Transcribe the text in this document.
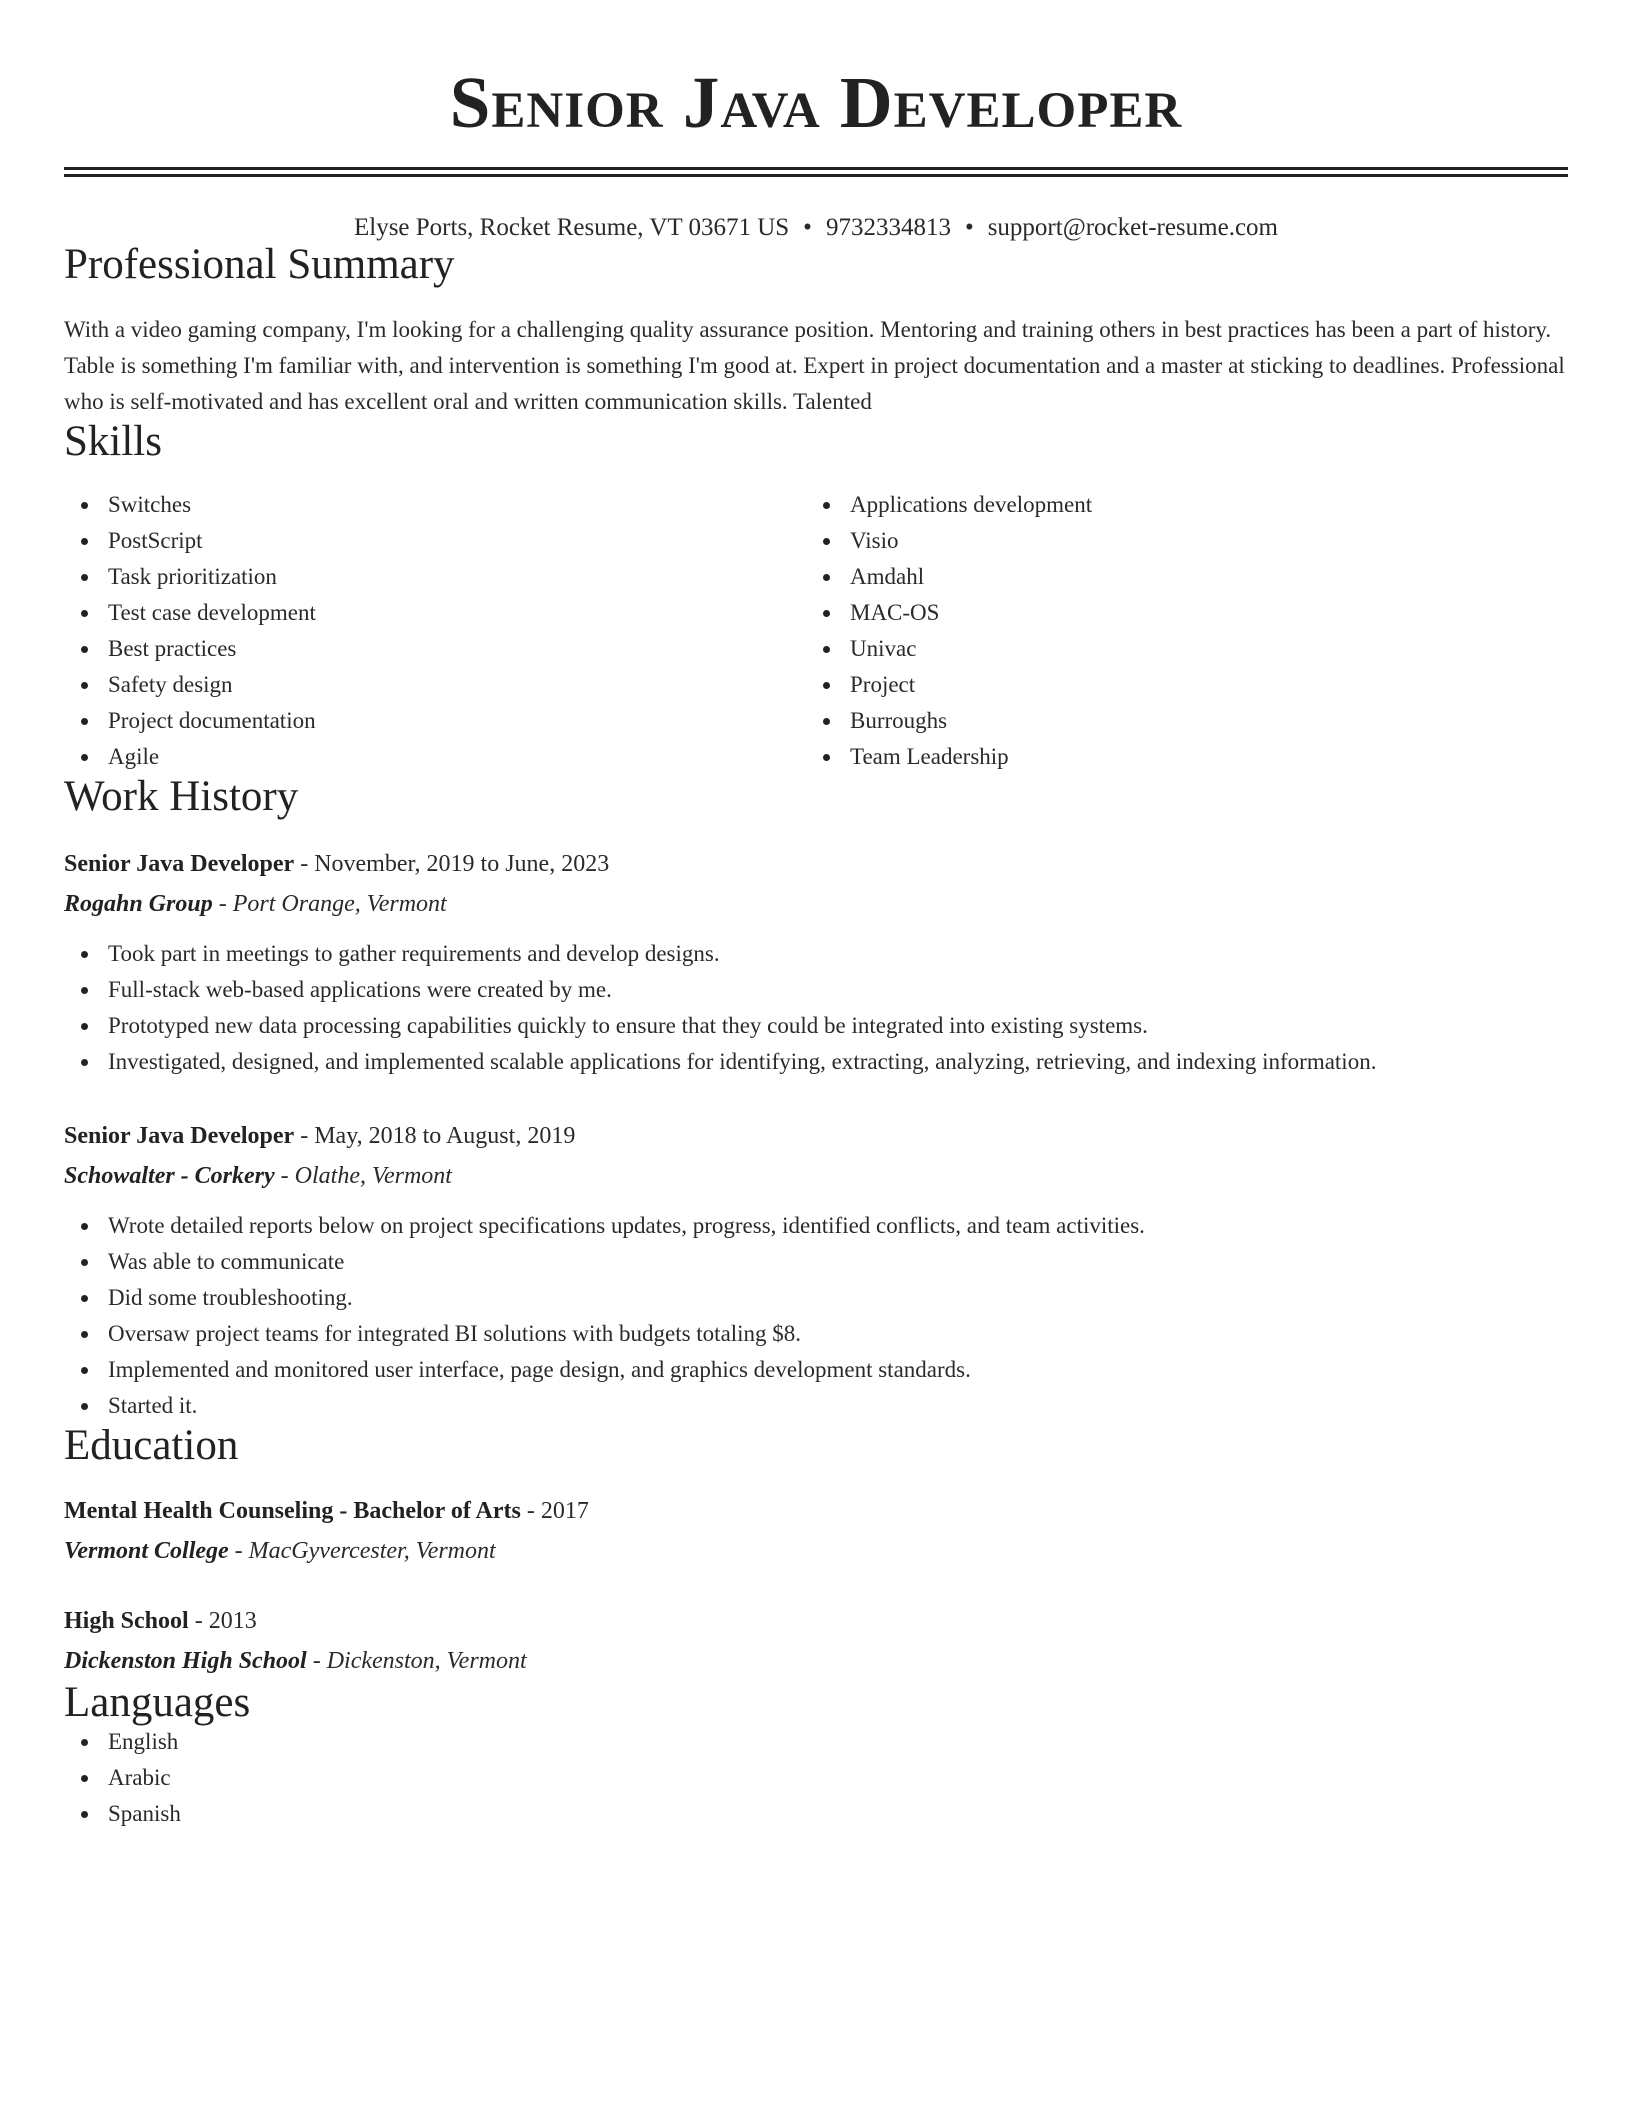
Senior Java Developer
Elyse Ports, Rocket Resume, VT 03671 US • 9732334813 • support@rocket-resume.com
Professional Summary
With a video gaming company, I'm looking for a challenging quality assurance position. Mentoring and training others in best practices has been a part of history. Table is something I'm familiar with, and intervention is something I'm good at. Expert in project documentation and a master at sticking to deadlines. Professional who is self-motivated and has excellent oral and written communication skills. Talented
Skills
Switches
PostScript
Task prioritization
Test case development
Best practices
Safety design
Project documentation
Agile
Applications development
Visio
Amdahl
MAC-OS
Univac
Project
Burroughs
Team Leadership
Work History
Senior Java Developer - November, 2019 to June, 2023
Rogahn Group - Port Orange, Vermont
Took part in meetings to gather requirements and develop designs.
Full-stack web-based applications were created by me.
Prototyped new data processing capabilities quickly to ensure that they could be integrated into existing systems.
Investigated, designed, and implemented scalable applications for identifying, extracting, analyzing, retrieving, and indexing information.
Senior Java Developer - May, 2018 to August, 2019
Schowalter - Corkery - Olathe, Vermont
Wrote detailed reports below on project specifications updates, progress, identified conflicts, and team activities.
Was able to communicate
Did some troubleshooting.
Oversaw project teams for integrated BI solutions with budgets totaling $8.
Implemented and monitored user interface, page design, and graphics development standards.
Started it.
Education
Mental Health Counseling - Bachelor of Arts - 2017
Vermont College - MacGyvercester, Vermont
High School - 2013
Dickenston High School - Dickenston, Vermont
Languages
English
Arabic
Spanish
